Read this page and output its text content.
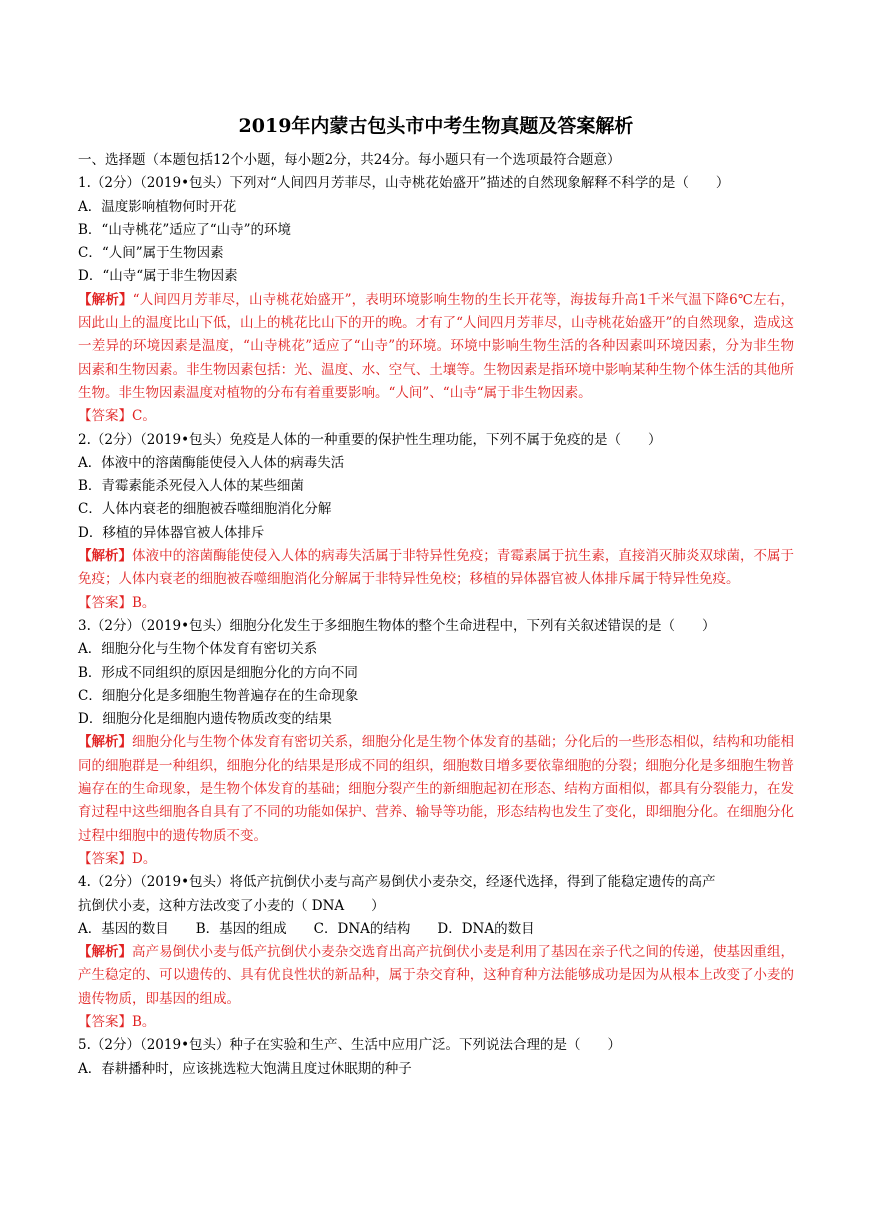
2019年内蒙古包头市中考生物真题及答案解析
一、选择题（本题包括12个小题，每小题2分，共24分。每小题只有一个选项最符合题意）
1.（2分）（2019•包头）下列对“人间四月芳菲尽，山寺桃花始盛开”描述的自然现象解释不科学的是（　　）
A．温度影响植物何时开花
B．“山寺桃花”适应了“山寺”的环境
C．“人间”属于生物因素
D．“山寺“属于非生物因素
【解析】“人间四月芳菲尽，山寺桃花始盛开”，表明环境影响生物的生长开花等，海拔每升高1千米气温下降6℃左右，因此山上的温度比山下低，山上的桃花比山下的开的晚。才有了“人间四月芳菲尽，山寺桃花始盛开”的自然现象，造成这一差异的环境因素是温度，“山寺桃花”适应了“山寺”的环境。环境中影响生物生活的各种因素叫环境因素，分为非生物因素和生物因素。非生物因素包括：光、温度、水、空气、土壤等。生物因素是指环境中影响某种生物个体生活的其他所生物。非生物因素温度对植物的分布有着重要影响。“人间”、“山寺“属于非生物因素。
【答案】C。
2.（2分）（2019•包头）免疫是人体的一种重要的保护性生理功能，下列不属于免疫的是（　　）
A．体液中的溶菌酶能使侵入人体的病毒失活
B．青霉素能杀死侵入人体的某些细菌
C．人体内衰老的细胞被吞噬细胞消化分解
D．移植的异体器官被人体排斥
【解析】体液中的溶菌酶能使侵入人体的病毒失活属于非特异性免疫；青霉素属于抗生素，直接消灭肺炎双球菌，不属于免疫；人体内衰老的细胞被吞噬细胞消化分解属于非特异性免校；移植的异体器官被人体排斥属于特异性免疫。
【答案】B。
3.（2分）（2019•包头）细胞分化发生于多细胞生物体的整个生命进程中，下列有关叙述错误的是（　　）
A．细胞分化与生物个体发育有密切关系
B．形成不同组织的原因是细胞分化的方向不同
C．细胞分化是多细胞生物普遍存在的生命现象
D．细胞分化是细胞内遗传物质改变的结果
【解析】细胞分化与生物个体发育有密切关系，细胞分化是生物个体发育的基础；分化后的一些形态相似，结构和功能相同的细胞群是一种组织，细胞分化的结果是形成不同的组织，细胞数目增多要依靠细胞的分裂；细胞分化是多细胞生物普遍存在的生命现象，是生物个体发育的基础；细胞分裂产生的新细胞起初在形态、结构方面相似，都具有分裂能力，在发育过程中这些细胞各自具有了不同的功能如保护、营养、输导等功能，形态结构也发生了变化，即细胞分化。在细胞分化过程中细胞中的遗传物质不变。
【答案】D。
4.（2分）（2019•包头）将低产抗倒伏小麦与高产易倒伏小麦杂交，经逐代选择，得到了能稳定遗传的高产
抗倒伏小麦，这种方法改变了小麦的（ DNA　　）
A．基因的数目　　B．基因的组成　　C．DNA的结构　　D．DNA的数目
【解析】高产易倒伏小麦与低产抗倒伏小麦杂交选育出高产抗倒伏小麦是利用了基因在亲子代之间的传递，使基因重组，产生稳定的、可以遗传的、具有优良性状的新品种，属于杂交育种，这种育种方法能够成功是因为从根本上改变了小麦的遗传物质，即基因的组成。
【答案】B。
5.（2分）（2019•包头）种子在实验和生产、生活中应用广泛。下列说法合理的是（　　）
A．春耕播种时，应该挑选粒大饱满且度过休眠期的种子
